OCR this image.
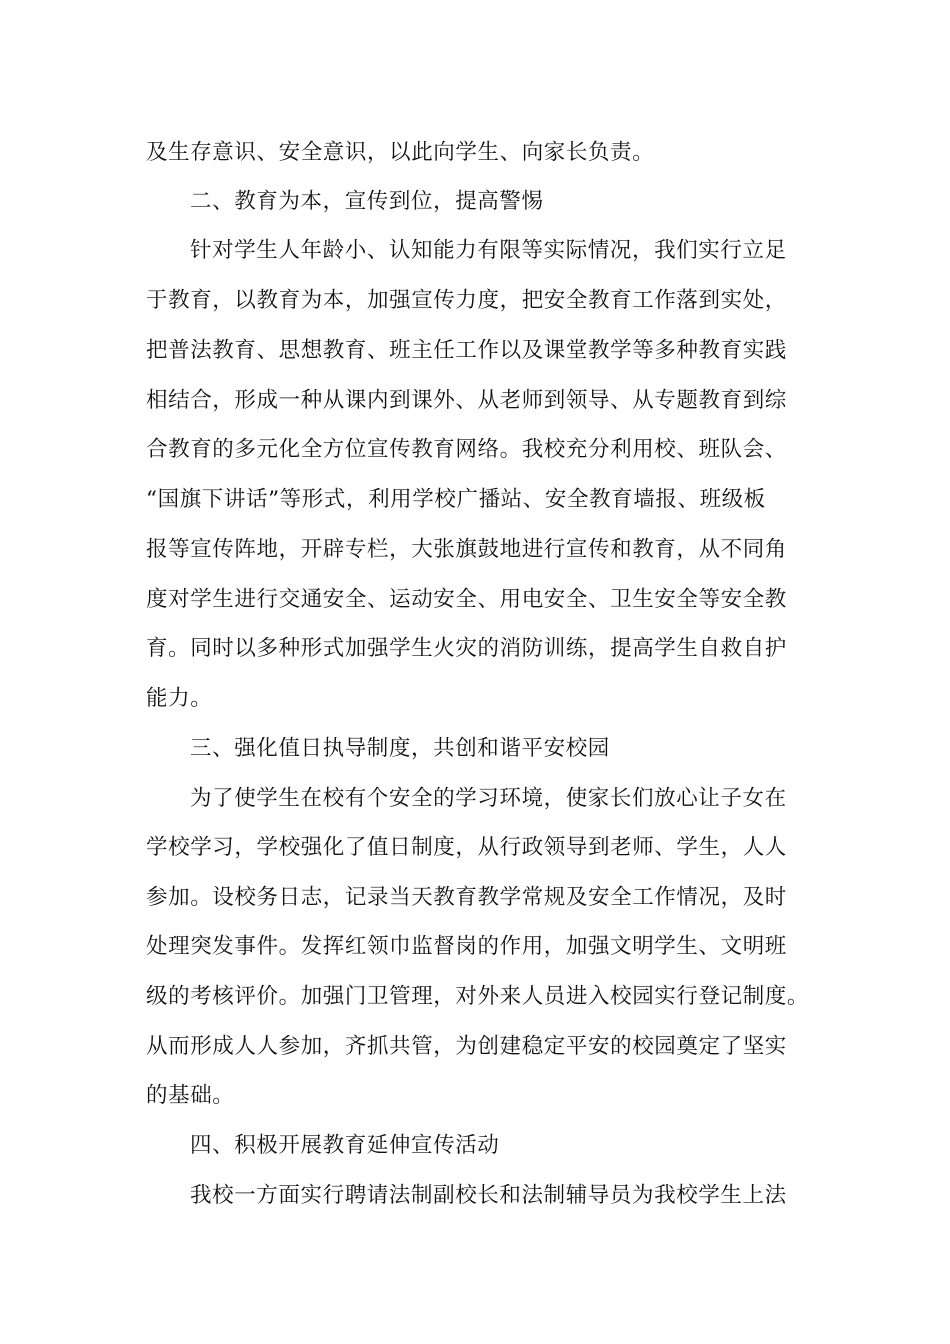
及生存意识、安全意识，以此向学生、向家长负责。

二、教育为本，宣传到位，提高警惕

针对学生人年龄小、认知能力有限等实际情况，我们实行立足

于教育，以教育为本，加强宣传力度，把安全教育工作落到实处，

把普法教育、思想教育、班主任工作以及课堂教学等多种教育实践

相结合，形成一种从课内到课外、从老师到领导、从专题教育到综

合教育的多元化全方位宣传教育网络。我校充分利用校、班队会、

“国旗下讲话”等形式，利用学校广播站、安全教育墙报、班级板

报等宣传阵地，开辟专栏，大张旗鼓地进行宣传和教育，从不同角

度对学生进行交通安全、运动安全、用电安全、卫生安全等安全教

育。同时以多种形式加强学生火灾的消防训练，提高学生自救自护

能力。

三、强化值日执导制度，共创和谐平安校园

为了使学生在校有个安全的学习环境，使家长们放心让子女在

学校学习，学校强化了值日制度，从行政领导到老师、学生，人人

参加。设校务日志，记录当天教育教学常规及安全工作情况，及时

处理突发事件。发挥红领巾监督岗的作用，加强文明学生、文明班

级的考核评价。加强门卫管理，对外来人员进入校园实行登记制度。

从而形成人人参加，齐抓共管，为创建稳定平安的校园奠定了坚实

的基础。

四、积极开展教育延伸宣传活动

我校一方面实行聘请法制副校长和法制辅导员为我校学生上法
